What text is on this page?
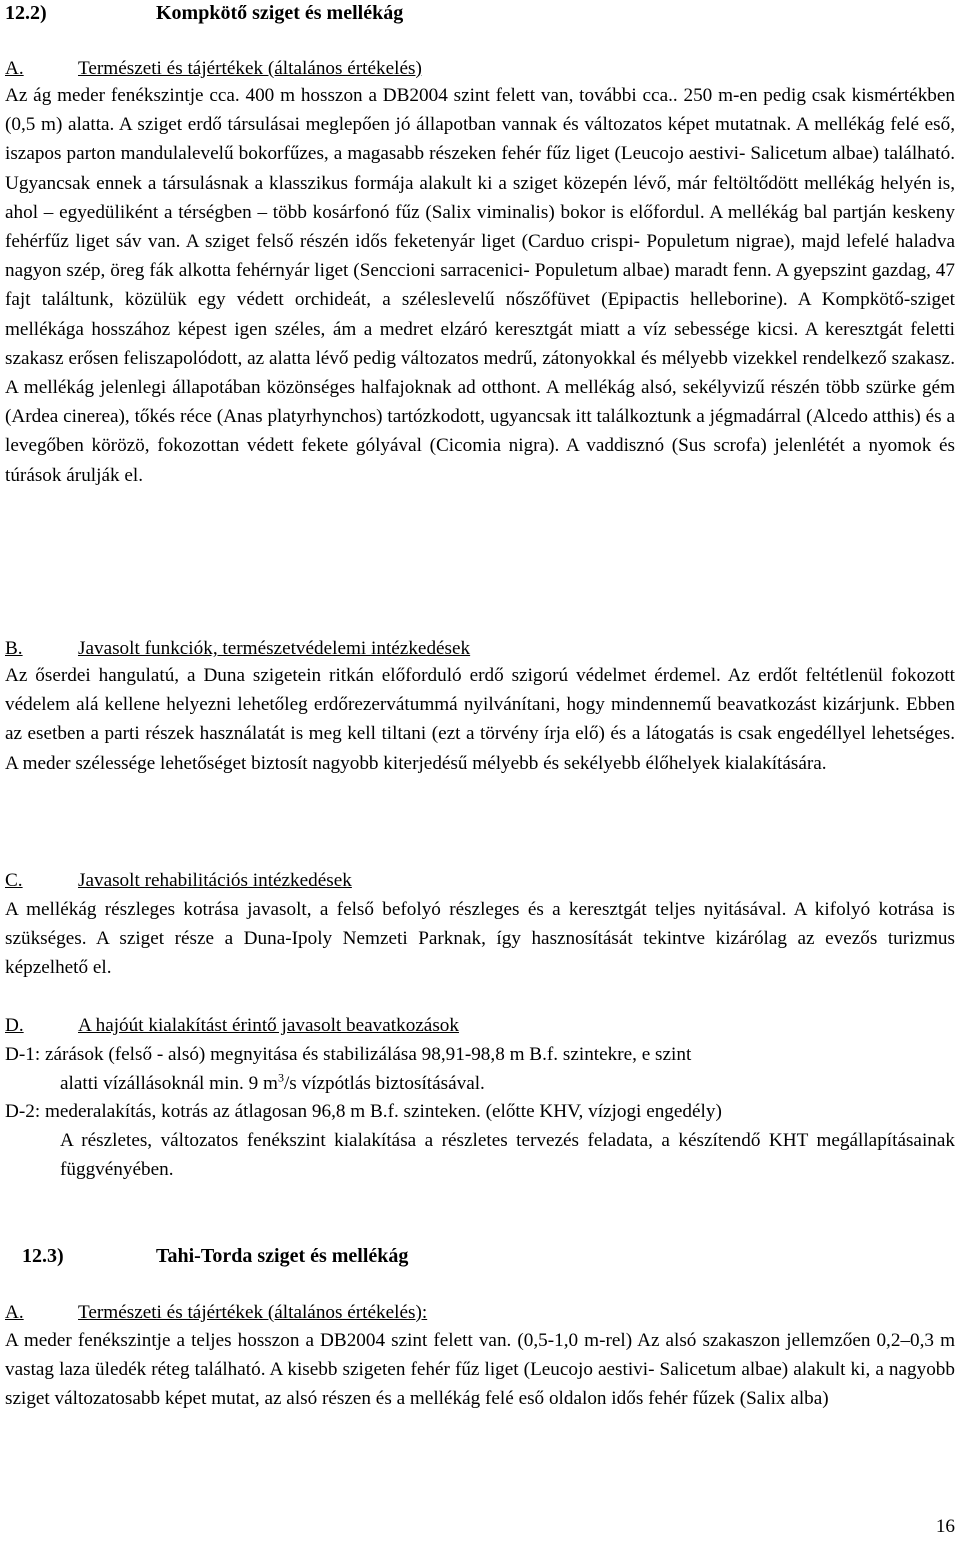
12.2)	Kompkötő sziget és mellékág
A.	Természeti és tájértékek (általános értékelés)

Az ág meder fenékszintje cca. 400 m hosszon a DB2004 szint felett van, további cca.. 250 m-en pedig csak kismértékben (0,5 m) alatta. A sziget erdő társulásai meglepően jó állapotban vannak és változatos képet mutatnak. A mellékág felé eső, iszapos parton mandulalevelű bokorfűzes, a magasabb részeken fehér fűz liget (Leucojo aestivi- Salicetum albae) található. Ugyancsak ennek a társulásnak a klasszikus formája alakult ki a sziget közepén lévő, már feltöltődött mellékág helyén is, ahol – egyedüliként a térségben – több kosárfonó fűz (Salix viminalis) bokor is előfordul. A mellékág bal partján keskeny fehérfűz liget sáv van. A sziget felső részén idős feketenyár liget (Carduo crispi- Populetum nigrae), majd lefelé haladva nagyon szép, öreg fák alkotta fehérnyár liget (Senccioni sarracenici- Populetum albae) maradt fenn. A gyepszint gazdag, 47 fajt találtunk, közülük egy védett orchideát, a széleslevelű nőszőfüvet (Epipactis helleborine). A Kompkötő-sziget mellékága hosszához képest igen széles, ám a medret elzáró keresztgát miatt a víz sebessége kicsi. A keresztgát feletti szakasz erősen feliszapolódott, az alatta lévő pedig változatos medrű, zátonyokkal és mélyebb vizekkel rendelkező szakasz. A mellékág jelenlegi állapotában közönséges halfajoknak ad otthont. A mellékág alsó, sekélyvizű részén több szürke gém (Ardea cinerea), tőkés réce (Anas platyrhynchos) tartózkodott, ugyancsak itt találkoztunk a jégmadárral (Alcedo atthis) és a levegőben körözö, fokozottan védett fekete gólyával (Cicomia nigra). A vaddisznó (Sus scrofa) jelenlétét a nyomok és túrások árulják el.

B.	Javasolt funkciók, természetvédelemi intézkedések

Az őserdei hangulatú, a Duna szigetein ritkán előforduló erdő szigorú védelmet érdemel. Az erdőt feltétlenül fokozott védelem alá kellene helyezni lehetőleg erdőrezervátummá nyilvánítani, hogy mindennemű beavatkozást kizárjunk. Ebben az esetben a parti részek használatát is meg kell tiltani (ezt a törvény írja elő) és a látogatás is csak engedéllyel lehetséges. A meder szélessége lehetőséget biztosít nagyobb kiterjedésű mélyebb és sekélyebb élőhelyek kialakítására.

C.	Javasolt rehabilitációs intézkedések

A mellékág részleges kotrása javasolt, a felső befolyó részleges és a keresztgát teljes nyitásával. A kifolyó kotrása is szükséges. A sziget része a Duna-Ipoly Nemzeti Parknak, így hasznosítását tekintve kizárólag az evezős turizmus képzelhető el.

D.	A hajóút kialakítást érintő javasolt beavatkozások
D-1: zárások (felső - alsó) megnyitása és stabilizálása 98,91-98,8 m B.f. szintekre, e szint
alatti vízállásoknál min. 9 $m^3/s$ vízpótlás biztosításával.
D-2: mederalakítás, kotrás az átlagosan 96,8 m B.f. szinteken. (előtte KHV, vízjogi engedély)

A részletes, változatos fenékszint kialakítása a részletes tervezés feladata, a készítendő KHT megállapításainak függvényében.

12.3)	Tahi-Torda sziget és mellékág
A.	Természeti és tájértékek (általános értékelés):

A meder fenékszintje a teljes hosszon a DB2004 szint felett van. (0,5-1,0 m-rel) Az alsó szakaszon jellemzően 0,2–0,3 m vastag laza üledék réteg található. A kisebb szigeten fehér fűz liget (Leucojo aestivi- Salicetum albae) alakult ki, a nagyobb sziget változatosabb képet mutat, az alsó részen és a mellékág felé eső oldalon idős fehér fűzek (Salix alba)

16
